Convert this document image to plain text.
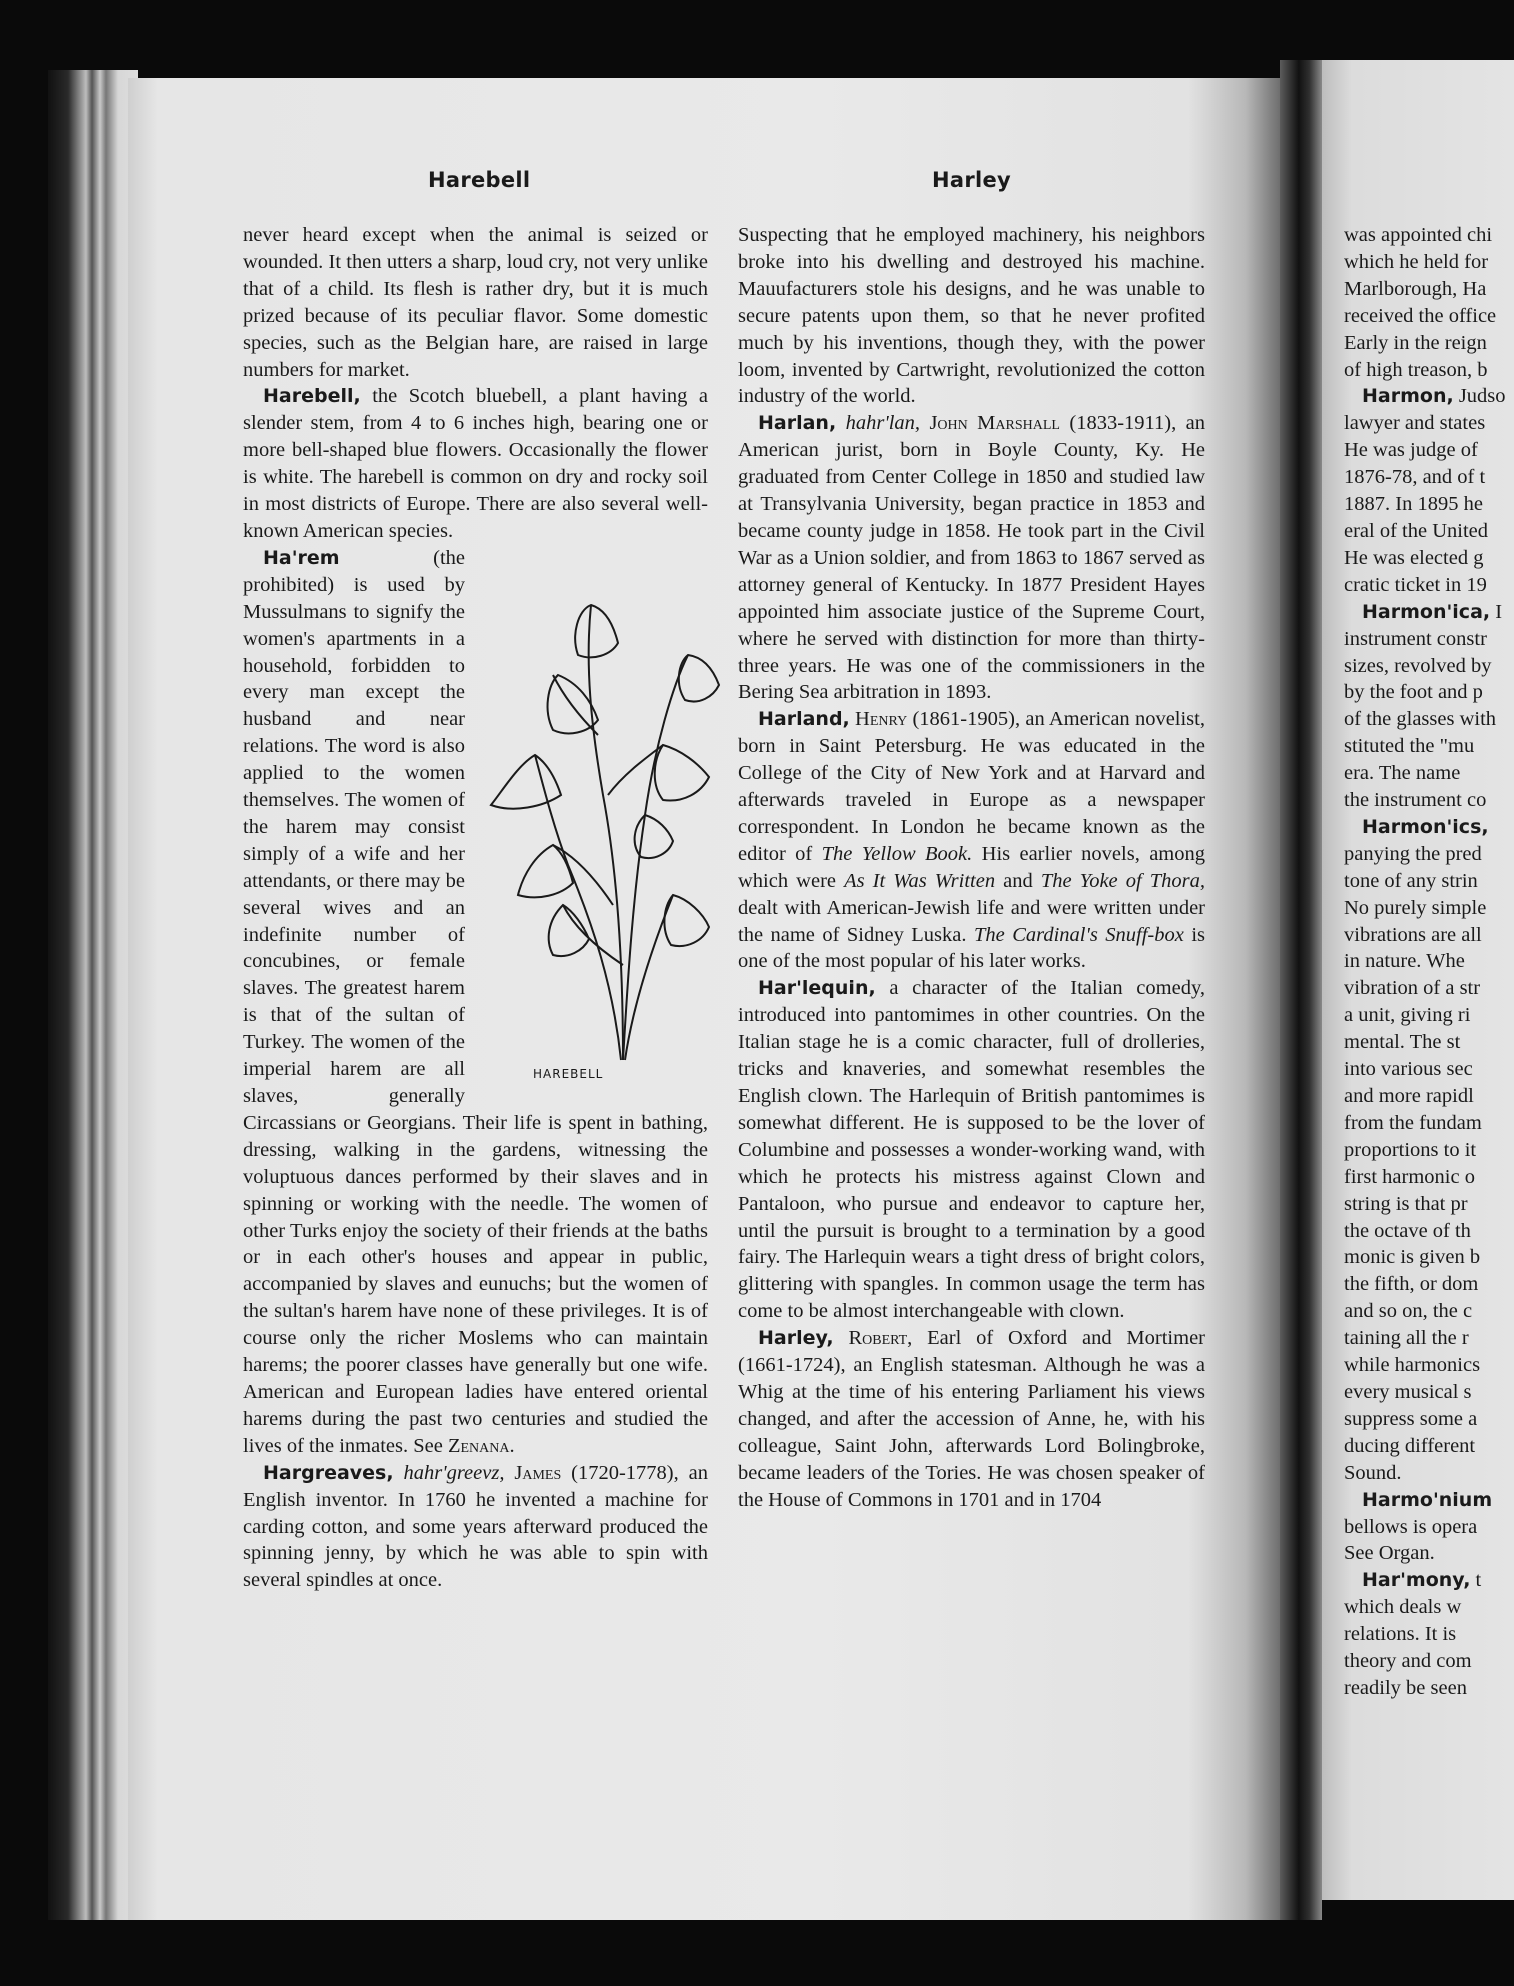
Harebell	Harley

never heard except when the animal is seized or wounded. It then utters a sharp, loud cry, not very unlike that of a child. Its flesh is rather dry, but it is much prized because of its peculiar flavor. Some domestic species, such as the Belgian hare, are raised in large numbers for market.

Harebell, the Scotch bluebell, a plant having a slender stem, from 4 to 6 inches high, bearing one or more bell-shaped blue flowers. Occasionally the flower is white. The harebell is common on dry and rocky soil in most districts of Europe. There are also several well-known American species.

HAREBELL

Ha'rem (the prohibited) is used by Mussulmans to signify the women's apartments in a household, forbidden to every man except the husband and near relations. The word is also applied to the women themselves. The women of the harem may consist simply of a wife and her attendants, or there may be several wives and an indefinite number of concubines, or female slaves. The greatest harem is that of the sultan of Turkey. The women of the imperial harem are all slaves, generally Circassians or Georgians. Their life is spent in bathing, dressing, walking in the gardens, witnessing the voluptuous dances performed by their slaves and in spinning or working with the needle. The women of other Turks enjoy the society of their friends at the baths or in each other's houses and appear in public, accompanied by slaves and eunuchs; but the women of the sultan's harem have none of these privileges. It is of course only the richer Moslems who can maintain harems; the poorer classes have generally but one wife. American and European ladies have entered oriental harems during the past two centuries and studied the lives of the inmates. See Zenana.

Hargreaves, hahr'greevz, James (1720-1778), an English inventor. In 1760 he invented a machine for carding cotton, and some years afterward produced the spinning jenny, by which he was able to spin with several spindles at once.

Suspecting that he employed machinery, his neighbors broke into his dwelling and destroyed his machine. Mauufacturers stole his designs, and he was unable to secure patents upon them, so that he never profited much by his inventions, though they, with the power loom, invented by Cartwright, revolutionized the cotton industry of the world.

Harlan, hahr'lan, John Marshall (1833-1911), an American jurist, born in Boyle County, Ky. He graduated from Center College in 1850 and studied law at Transylvania University, began practice in 1853 and became county judge in 1858. He took part in the Civil War as a Union soldier, and from 1863 to 1867 served as attorney general of Kentucky. In 1877 President Hayes appointed him associate justice of the Supreme Court, where he served with distinction for more than thirty-three years. He was one of the commissioners in the Bering Sea arbitration in 1893.

Harland, Henry (1861-1905), an American novelist, born in Saint Petersburg. He was educated in the College of the City of New York and at Harvard and afterwards traveled in Europe as a newspaper correspondent. In London he became known as the editor of The Yellow Book. His earlier novels, among which were As It Was Written and The Yoke of Thora, dealt with American-Jewish life and were written under the name of Sidney Luska. The Cardinal's Snuff-box is one of the most popular of his later works.

Har'lequin, a character of the Italian comedy, introduced into pantomimes in other countries. On the Italian stage he is a comic character, full of drolleries, tricks and knaveries, and somewhat resembles the English clown. The Harlequin of British pantomimes is somewhat different. He is supposed to be the lover of Columbine and possesses a wonder-working wand, with which he protects his mistress against Clown and Pantaloon, who pursue and endeavor to capture her, until the pursuit is brought to a termination by a good fairy. The Harlequin wears a tight dress of bright colors, glittering with spangles. In common usage the term has come to be almost interchangeable with clown.

Harley, Robert, Earl of Oxford and Mortimer (1661-1724), an English statesman. Although he was a Whig at the time of his entering Parliament his views changed, and after the accession of Anne, he, with his colleague, Saint John, afterwards Lord Bolingbroke, became leaders of the Tories. He was chosen speaker of the House of Commons in 1701 and in 1704

was appointed chi

which he held for

Marlborough, Ha

received the office

Early in the reign

of high treason, b

Harmon, Judso

lawyer and states

He was judge of

1876-78, and of t

1887. In 1895 he

eral of the United

He was elected g

cratic ticket in 19

Harmon'ica, I

instrument constr

sizes, revolved by

by the foot and p

of the glasses with

stituted the "mu

era. The name

the instrument co

Harmon'ics,

panying the pred

tone of any strin

No purely simple

vibrations are all

in nature. Whe

vibration of a str

a unit, giving ri

mental. The st

into various sec

and more rapidl

from the fundam

proportions to it

first harmonic o

string is that pr

the octave of th

monic is given b

the fifth, or dom

and so on, the c

taining all the r

while harmonics

every musical s

suppress some a

ducing different

Sound.

Harmo'nium

bellows is opera

See Organ.

Har'mony, t

which deals w

relations. It is

theory and com

readily be seen
